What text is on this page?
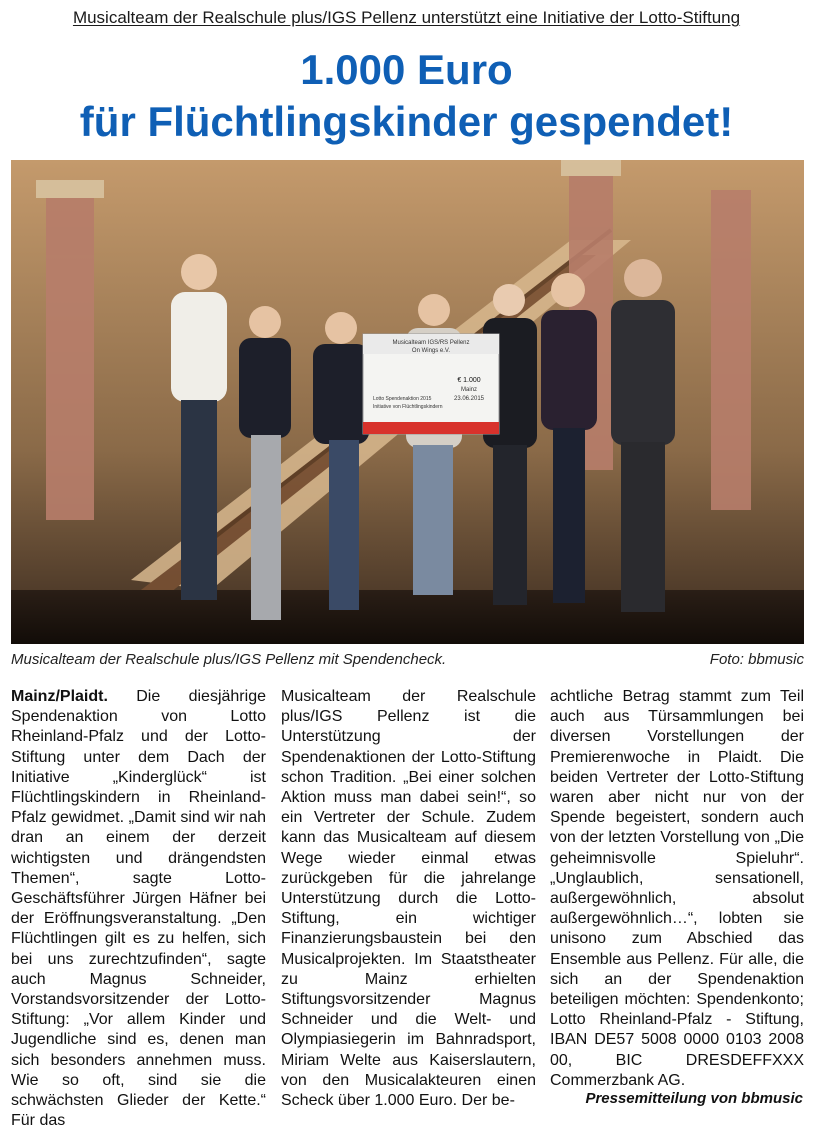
Musicalteam der Realschule plus/IGS Pellenz unterstützt eine Initiative der Lotto-Stiftung
1.000 Euro
für Flüchtlingskinder gespendet!
Musicalteam IGS/RS Pellenz
On Wings e.V.
€ 1.000
Mainz
23.06.2015
Lotto Spendenaktion 2015
Initiative von Flüchtlingskindern
Musicalteam der Realschule plus/IGS Pellenz mit Spendencheck.	Foto: bbmusic
Mainz/Plaidt. Die diesjährige Spendenaktion von Lotto Rheinland-Pfalz und der Lotto-Stiftung unter dem Dach der Initiative „Kinderglück“ ist Flüchtlingskindern in Rheinland-Pfalz gewidmet. „Damit sind wir nah dran an einem der derzeit wichtigsten und drängendsten Themen“, sagte Lotto-Geschäftsführer Jürgen Häfner bei der Eröffnungsveranstaltung. „Den Flüchtlingen gilt es zu helfen, sich bei uns zurechtzufinden“, sagte auch Magnus Schneider, Vorstandsvorsitzender der Lotto-Stiftung: „Vor allem Kinder und Jugendliche sind es, denen man sich besonders annehmen muss. Wie so oft, sind sie die schwächsten Glieder der Kette.“ Für das
Musicalteam der Realschule plus/IGS Pellenz ist die Unterstützung der Spendenaktionen der Lotto-Stiftung schon Tradition. „Bei einer solchen Aktion muss man dabei sein!“, so ein Vertreter der Schule. Zudem kann das Musicalteam auf diesem Wege wieder einmal etwas zurückgeben für die jahrelange Unterstützung durch die Lotto-Stiftung, ein wichtiger Finanzierungsbaustein bei den Musicalprojekten. Im Staatstheater zu Mainz erhielten Stiftungsvorsitzender Magnus Schneider und die Welt- und Olympiasiegerin im Bahnradsport, Miriam Welte aus Kaiserslautern, von den Musicalakteuren einen Scheck über 1.000 Euro. Der be-
achtliche Betrag stammt zum Teil auch aus Türsammlungen bei diversen Vorstellungen der Premierenwoche in Plaidt. Die beiden Vertreter der Lotto-Stiftung waren aber nicht nur von der Spende begeistert, sondern auch von der letzten Vorstellung von „Die geheimnisvolle Spieluhr“. „Unglaublich, sensationell, außergewöhnlich, absolut außergewöhnlich…“, lobten sie unisono zum Abschied das Ensemble aus Pellenz. Für alle, die sich an der Spendenaktion beteiligen möchten: Spendenkonto; Lotto Rheinland-Pfalz - Stiftung, IBAN DE57 5008 0000 0103 2008 00, BIC DRESDEFFXXX Commerzbank AG.
Pressemitteilung von bbmusic
